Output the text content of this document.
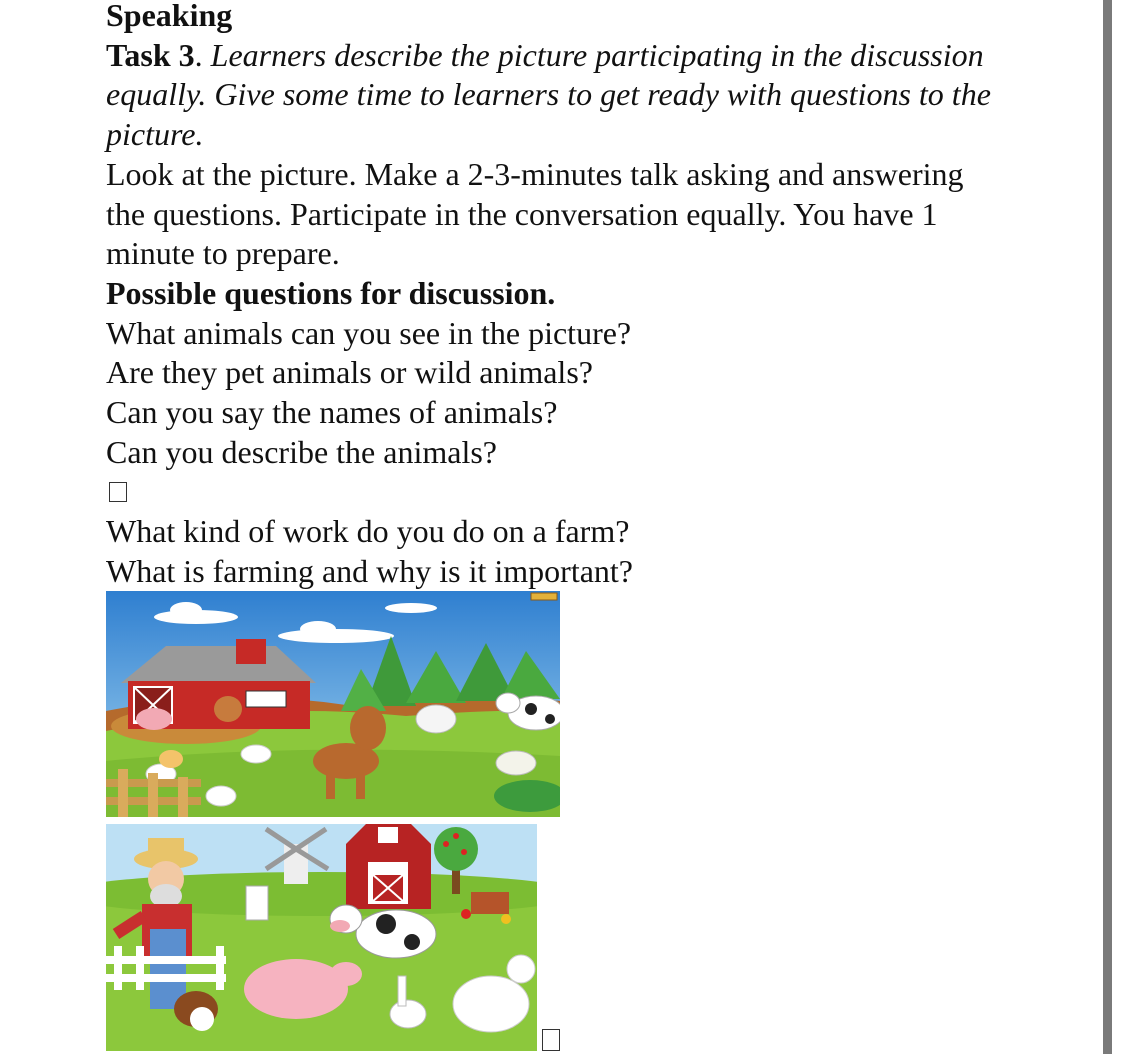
Speaking

Task 3. Learners describe the picture participating in the discussion equally. Give some time to learners to get ready with questions to the picture.

Look at the picture. Make a 2-3-minutes talk asking and answering the questions. Participate in the conversation equally. You have 1 minute to prepare.

Possible questions for discussion.

What animals can you see in the picture?

Are they pet animals or wild animals?

Can you say the names of animals?

Can you describe the animals?

What kind of work do you do on a farm?

What is farming and why is it important?
